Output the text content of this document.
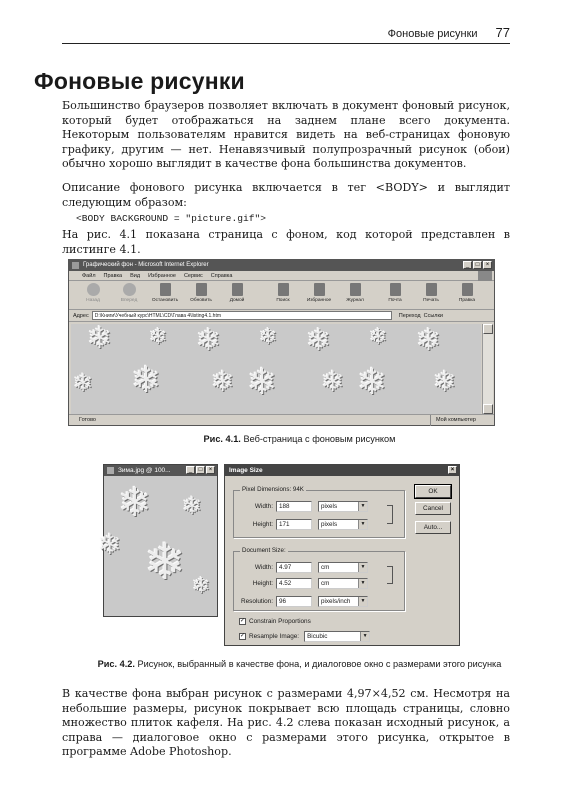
Фоновые рисунки 77
Фоновые рисунки

Большинство браузеров позволяет включать в документ фоновый рисунок, который будет отображаться на заднем плане всего документа. Некоторым пользователям нравится видеть на веб-страницах фоновую графику, другим — нет. Ненавязчивый полупрозрачный рисунок (обои) обычно хорошо выглядит в качестве фона большинства документов.

Описание фонового рисунка включается в тег <BODY> и выглядит следующим образом:

<BODY BACKGROUND = "picture.gif">

На рис. 4.1 показана страница с фоном, код которой представлен в листинге 4.1.

Графический фон - Microsoft Internet Explorer	_	□	×
Файл Правка Вид Избранное Сервис Справка
Назад	Вперед	Остановить	Обновить	Домой	Поиск	Избранное	Журнал	Почта	Печать	Правка
Адрес	D:\Книги\Учебный курс\HTML\CD\Глава 4\listing4.1.htm	Переход Ссылки
❄ ❄ ❄ ❄ ❄ ❄ ❄
❄ ❄ ❄ ❄ ❄ ❄
❄
Готово	Мой компьютер
Рис. 4.1. Веб-страница с фоновым рисунком
Зима.jpg @ 100...	_	□	×
❄ ❄
❄ ❄ ❄
Image Size	×
Pixel Dimensions: 94K
Width: 188	pixels	▼
Height: 171	pixels	▼
Document Size:
Width: 4.97	cm	▼
Height: 4.52	cm	▼
Resolution: 96	pixels/inch	▼
✓ Constrain Proportions
✓ Resample Image:	Bicubic	▼
OK
Cancel
Auto...
Рис. 4.2. Рисунок, выбранный в качестве фона, и диалоговое окно с размерами этого рисунка

В качестве фона выбран рисунок с размерами 4,97×4,52 см. Несмотря на небольшие размеры, рисунок покрывает всю площадь страницы, словно множество плиток кафеля. На рис. 4.2 слева показан исходный рисунок, а справа — диалоговое окно с размерами этого рисунка, открытое в программе Adobe Photoshop.
